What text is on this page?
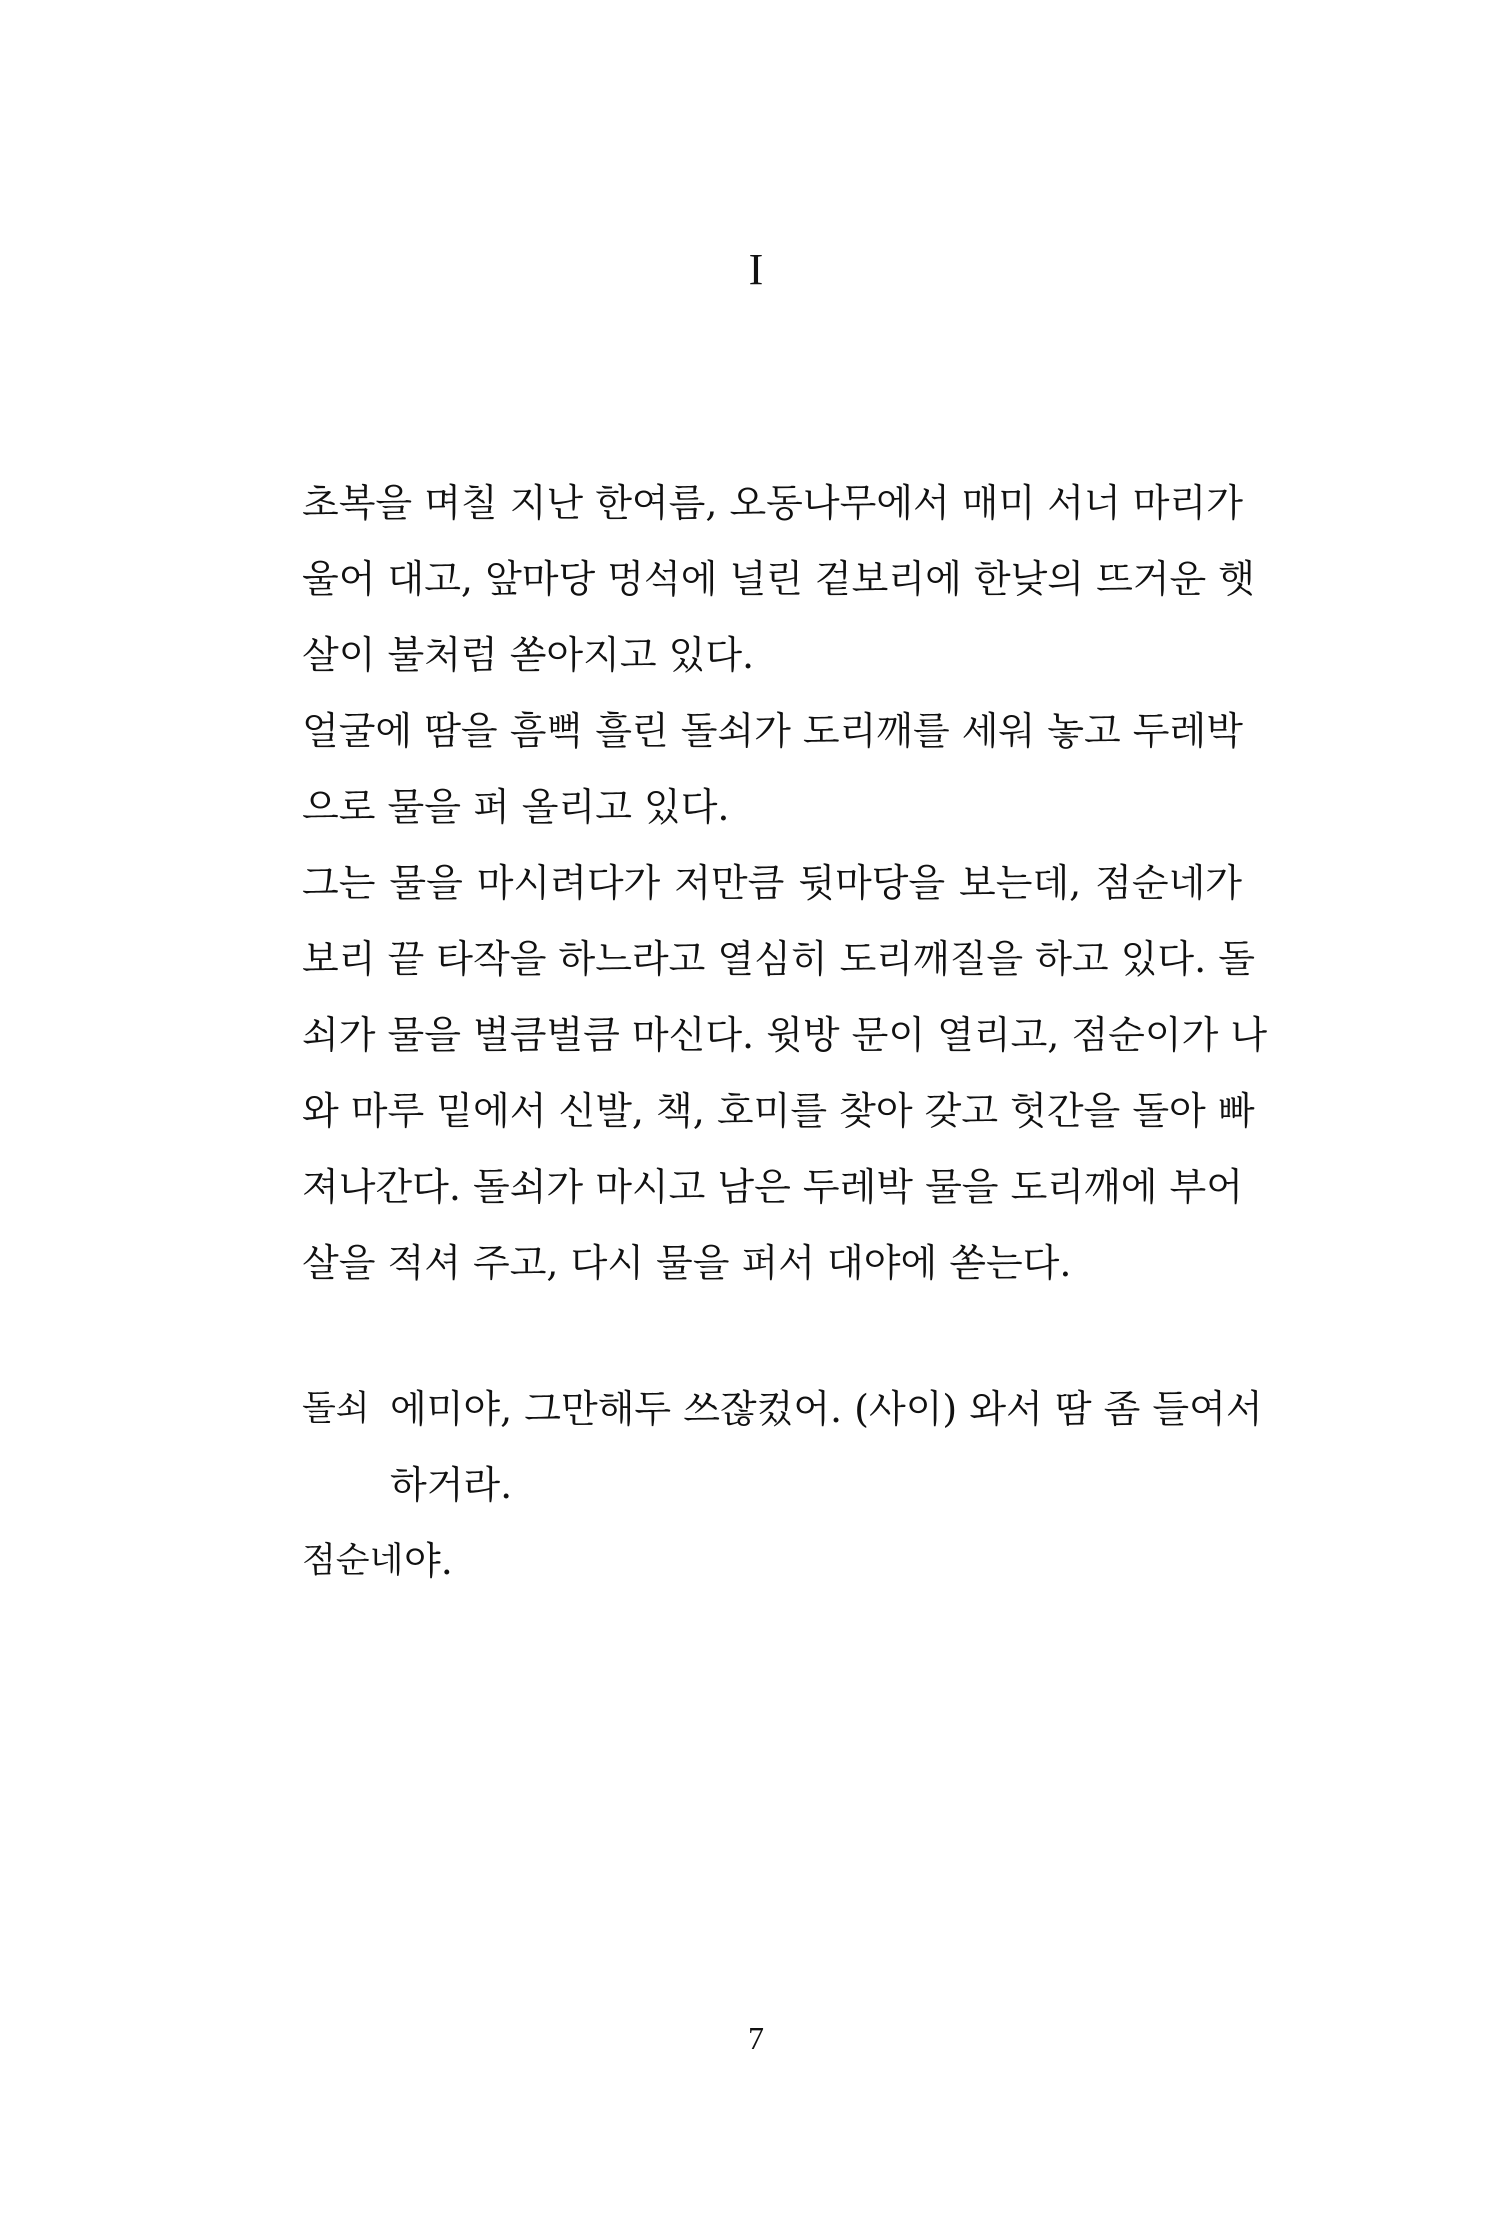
I
초복을 며칠 지난 한여름, 오동나무에서 매미 서너 마리가
울어 대고, 앞마당 멍석에 널린 겉보리에 한낮의 뜨거운 햇
살이 불처럼 쏟아지고 있다.
얼굴에 땀을 흠뻑 흘린 돌쇠가 도리깨를 세워 놓고 두레박
으로 물을 퍼 올리고 있다.
그는 물을 마시려다가 저만큼 뒷마당을 보는데, 점순네가
보리 끝 타작을 하느라고 열심히 도리깨질을 하고 있다. 돌
쇠가 물을 벌큼벌큼 마신다. 윗방 문이 열리고, 점순이가 나
와 마루 밑에서 신발, 책, 호미를 찾아 갖고 헛간을 돌아 빠
져나간다. 돌쇠가 마시고 남은 두레박 물을 도리깨에 부어
살을 적셔 주고, 다시 물을 퍼서 대야에 쏟는다.
돌쇠 에미야, 그만해두 쓰잖컸어. (사이) 와서 땀 좀 들여서
하거라.
점순네 야.
7
